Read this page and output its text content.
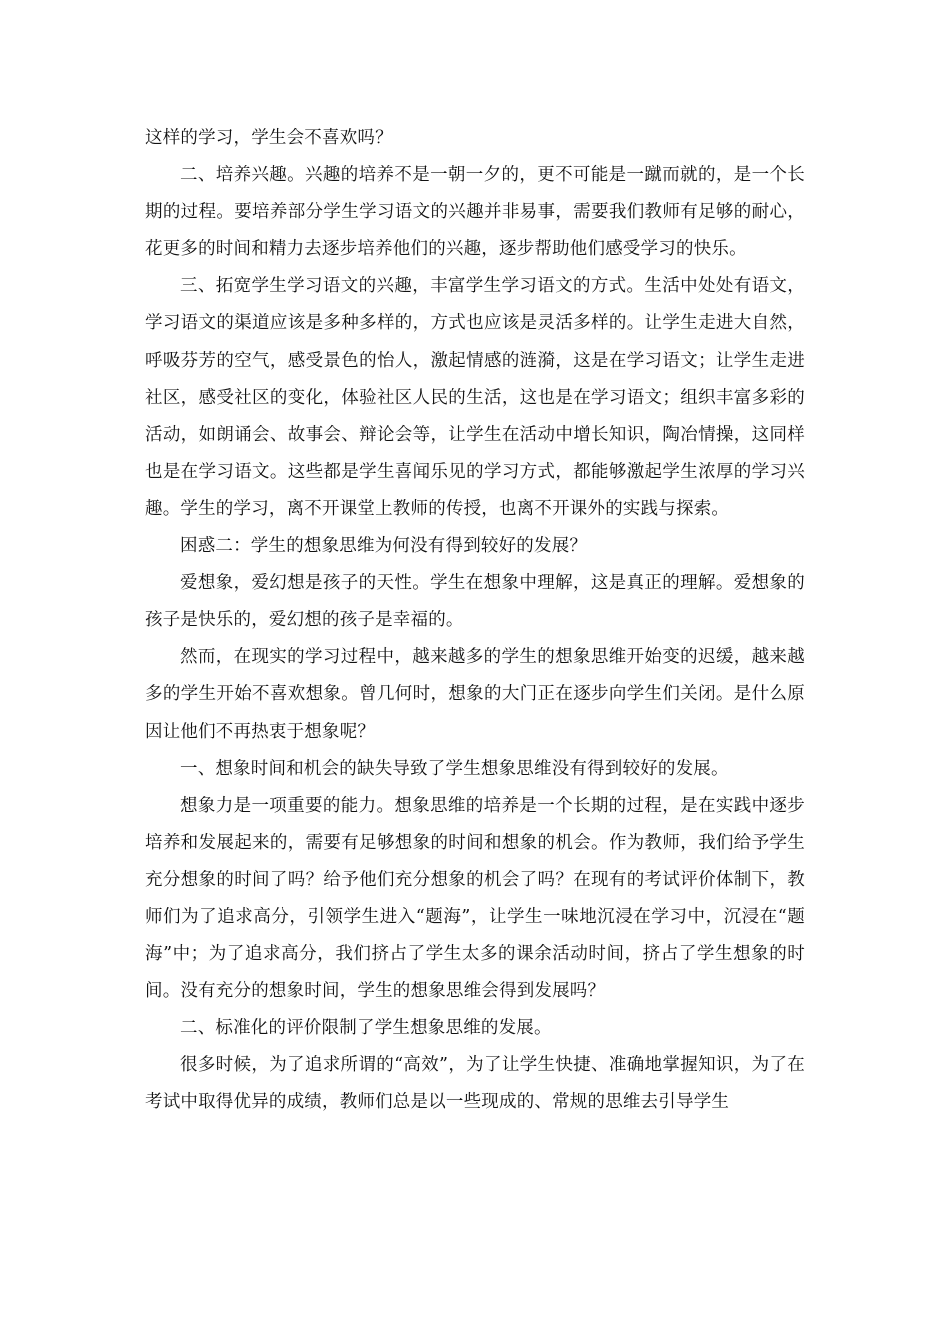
这样的学习，学生会不喜欢吗？

二、培养兴趣。兴趣的培养不是一朝一夕的，更不可能是一蹴而就的，是一个长期的过程。要培养部分学生学习语文的兴趣并非易事，需要我们教师有足够的耐心，花更多的时间和精力去逐步培养他们的兴趣，逐步帮助他们感受学习的快乐。

三、拓宽学生学习语文的兴趣，丰富学生学习语文的方式。生活中处处有语文，学习语文的渠道应该是多种多样的，方式也应该是灵活多样的。让学生走进大自然，呼吸芬芳的空气，感受景色的怡人，激起情感的涟漪，这是在学习语文；让学生走进社区，感受社区的变化，体验社区人民的生活，这也是在学习语文；组织丰富多彩的活动，如朗诵会、故事会、辩论会等，让学生在活动中增长知识，陶冶情操，这同样也是在学习语文。这些都是学生喜闻乐见的学习方式，都能够激起学生浓厚的学习兴趣。学生的学习，离不开课堂上教师的传授，也离不开课外的实践与探索。

困惑二：学生的想象思维为何没有得到较好的发展？

爱想象，爱幻想是孩子的天性。学生在想象中理解，这是真正的理解。爱想象的孩子是快乐的，爱幻想的孩子是幸福的。

然而，在现实的学习过程中，越来越多的学生的想象思维开始变的迟缓，越来越多的学生开始不喜欢想象。曾几何时，想象的大门正在逐步向学生们关闭。是什么原因让他们不再热衷于想象呢？

一、想象时间和机会的缺失导致了学生想象思维没有得到较好的发展。

想象力是一项重要的能力。想象思维的培养是一个长期的过程，是在实践中逐步培养和发展起来的，需要有足够想象的时间和想象的机会。作为教师，我们给予学生充分想象的时间了吗？给予他们充分想象的机会了吗？在现有的考试评价体制下，教师们为了追求高分，引领学生进入“题海”，让学生一味地沉浸在学习中，沉浸在“题海”中；为了追求高分，我们挤占了学生太多的课余活动时间，挤占了学生想象的时间。没有充分的想象时间，学生的想象思维会得到发展吗？

二、标准化的评价限制了学生想象思维的发展。

很多时候，为了追求所谓的“高效”，为了让学生快捷、准确地掌握知识，为了在考试中取得优异的成绩，教师们总是以一些现成的、常规的思维去引导学生
